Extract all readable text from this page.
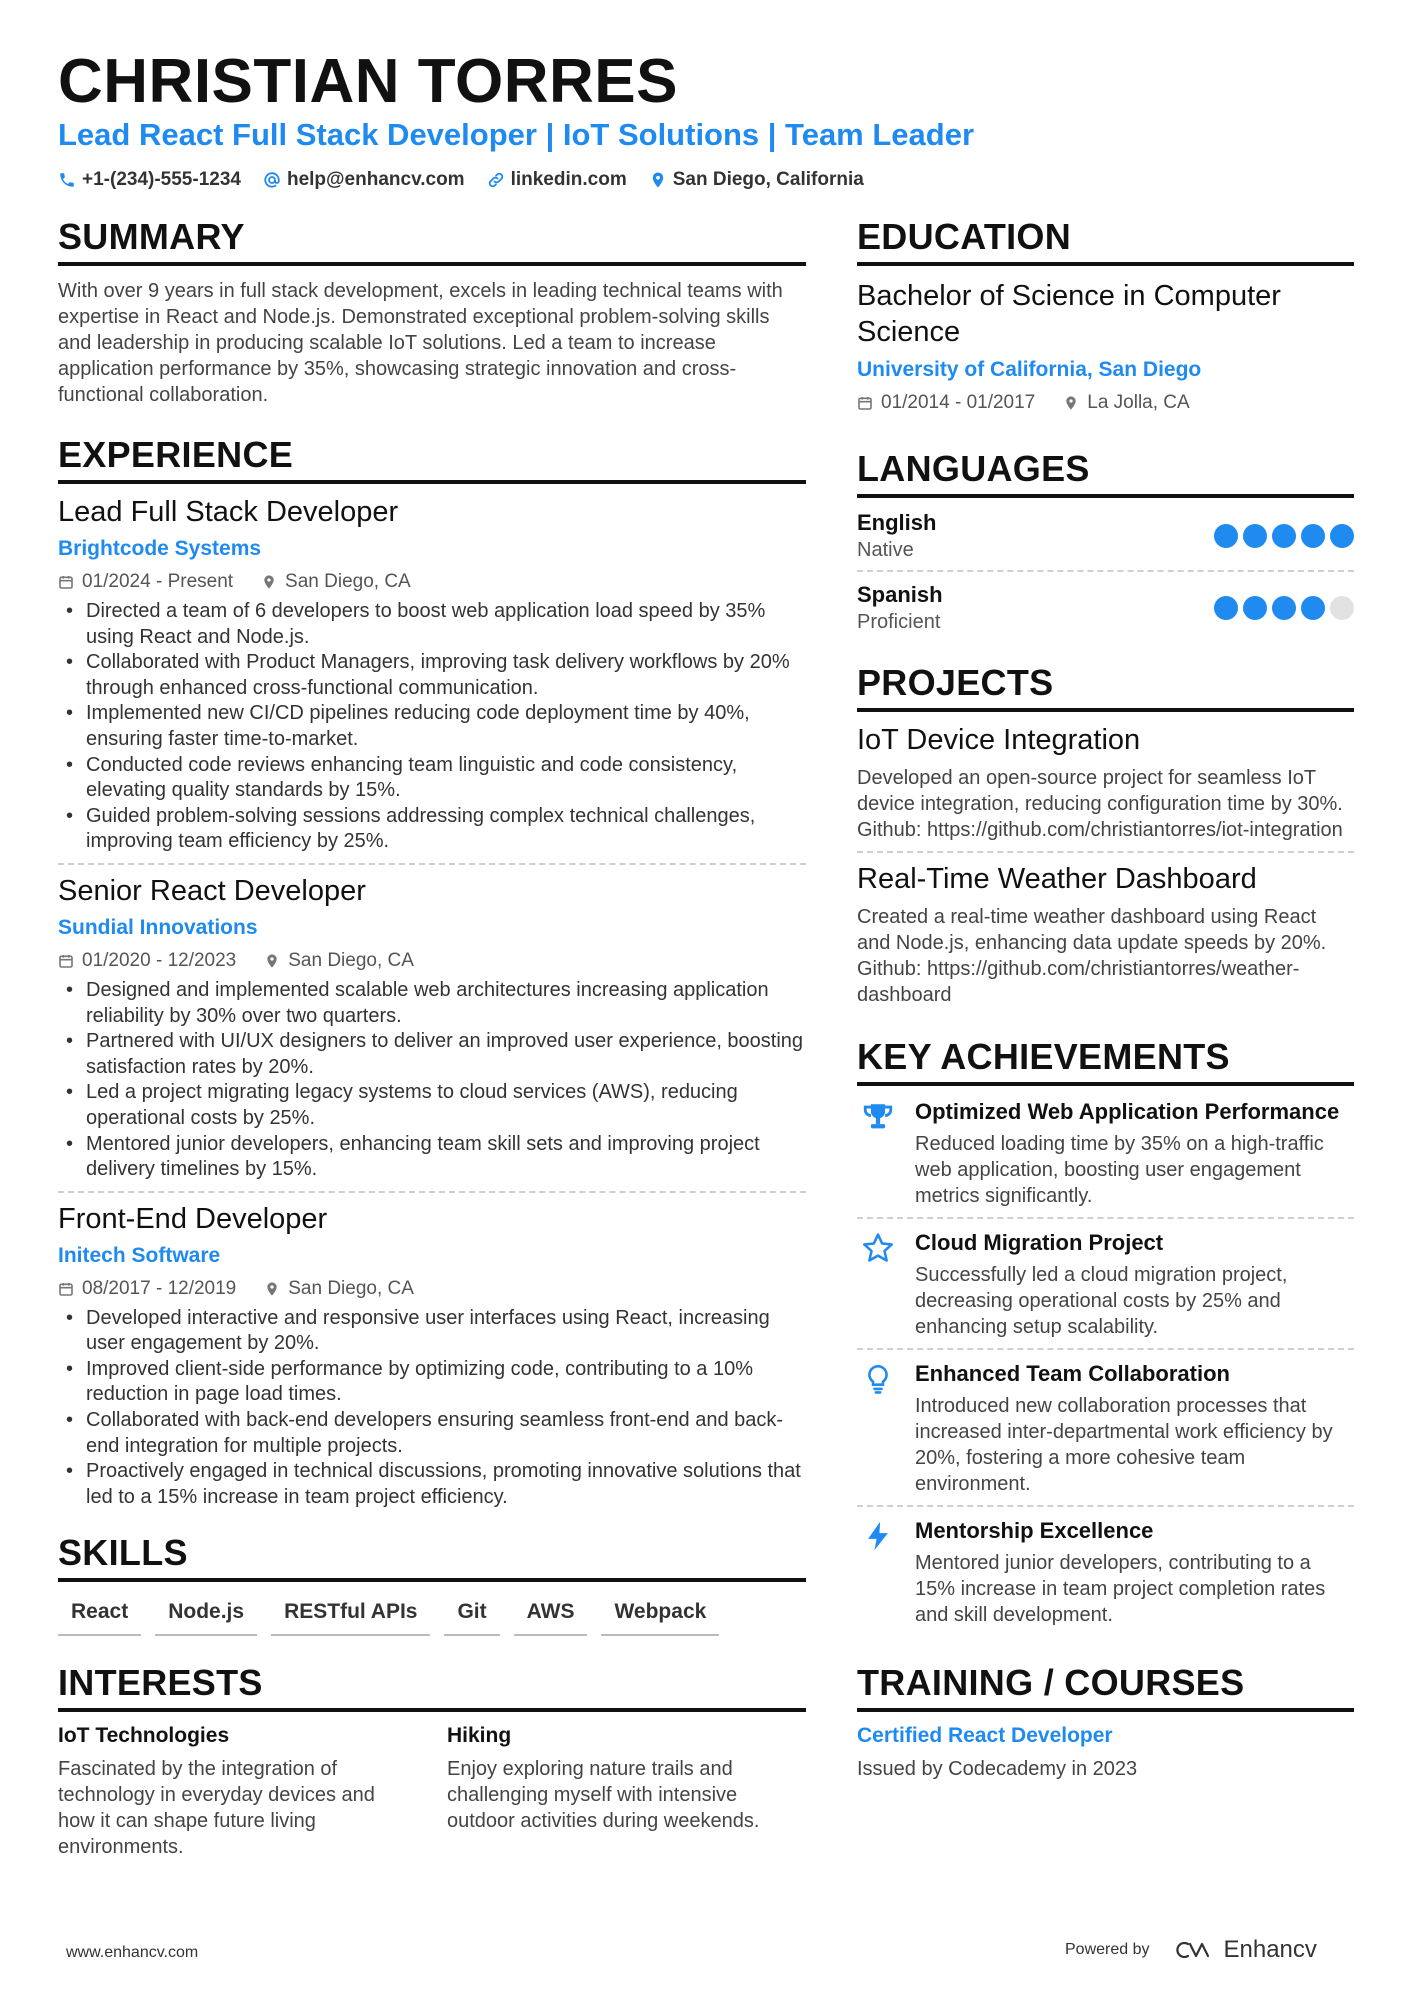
CHRISTIAN TORRES
Lead React Full Stack Developer | IoT Solutions | Team Leader
+1-(234)-555-1234 help@enhancv.com linkedin.com San Diego, California
SUMMARY

With over 9 years in full stack development, excels in leading technical teams with expertise in React and Node.js. Demonstrated exceptional problem-solving skills and leadership in producing scalable IoT solutions. Led a team to increase application performance by 35%, showcasing strategic innovation and cross-functional collaboration.

EXPERIENCE
Lead Full Stack Developer
Brightcode Systems
01/2024 - Present	San Diego, CA
• Directed a team of 6 developers to boost web application load speed by 35% using React and Node.js.
• Collaborated with Product Managers, improving task delivery workflows by 20% through enhanced cross-functional communication.
• Implemented new CI/CD pipelines reducing code deployment time by 40%, ensuring faster time-to-market.
• Conducted code reviews enhancing team linguistic and code consistency, elevating quality standards by 15%.
• Guided problem-solving sessions addressing complex technical challenges, improving team efficiency by 25%.
Senior React Developer
Sundial Innovations
01/2020 - 12/2023	San Diego, CA
• Designed and implemented scalable web architectures increasing application reliability by 30% over two quarters.
• Partnered with UI/UX designers to deliver an improved user experience, boosting satisfaction rates by 20%.
• Led a project migrating legacy systems to cloud services (AWS), reducing operational costs by 25%.
• Mentored junior developers, enhancing team skill sets and improving project delivery timelines by 15%.
Front-End Developer
Initech Software
08/2017 - 12/2019	San Diego, CA
• Developed interactive and responsive user interfaces using React, increasing user engagement by 20%.
• Improved client-side performance by optimizing code, contributing to a 10% reduction in page load times.
• Collaborated with back-end developers ensuring seamless front-end and back-end integration for multiple projects.
• Proactively engaged in technical discussions, promoting innovative solutions that led to a 15% increase in team project efficiency.
SKILLS
React	Node.js	RESTful APIs	Git	AWS	Webpack
INTERESTS
IoT Technologies

Fascinated by the integration of technology in everyday devices and how it can shape future living environments.

Hiking

Enjoy exploring nature trails and challenging myself with intensive outdoor activities during weekends.

EDUCATION
Bachelor of Science in Computer Science
University of California, San Diego
01/2014 - 01/2017	La Jolla, CA
LANGUAGES
English
Native
Spanish
Proficient
PROJECTS
IoT Device Integration

Developed an open-source project for seamless IoT device integration, reducing configuration time by 30%. Github: https://github.com/christiantorres/iot-integration

Real-Time Weather Dashboard

Created a real-time weather dashboard using React and Node.js, enhancing data update speeds by 20%. Github: https://github.com/christiantorres/weather-dashboard

KEY ACHIEVEMENTS
Optimized Web Application Performance

Reduced loading time by 35% on a high-traffic web application, boosting user engagement metrics significantly.

Cloud Migration Project

Successfully led a cloud migration project, decreasing operational costs by 25% and enhancing setup scalability.

Enhanced Team Collaboration

Introduced new collaboration processes that increased inter-departmental work efficiency by 20%, fostering a more cohesive team environment.

Mentorship Excellence

Mentored junior developers, contributing to a 15% increase in team project completion rates and skill development.

TRAINING / COURSES
Certified React Developer

Issued by Codecademy in 2023

www.enhancv.com	Powered by	Enhancv
